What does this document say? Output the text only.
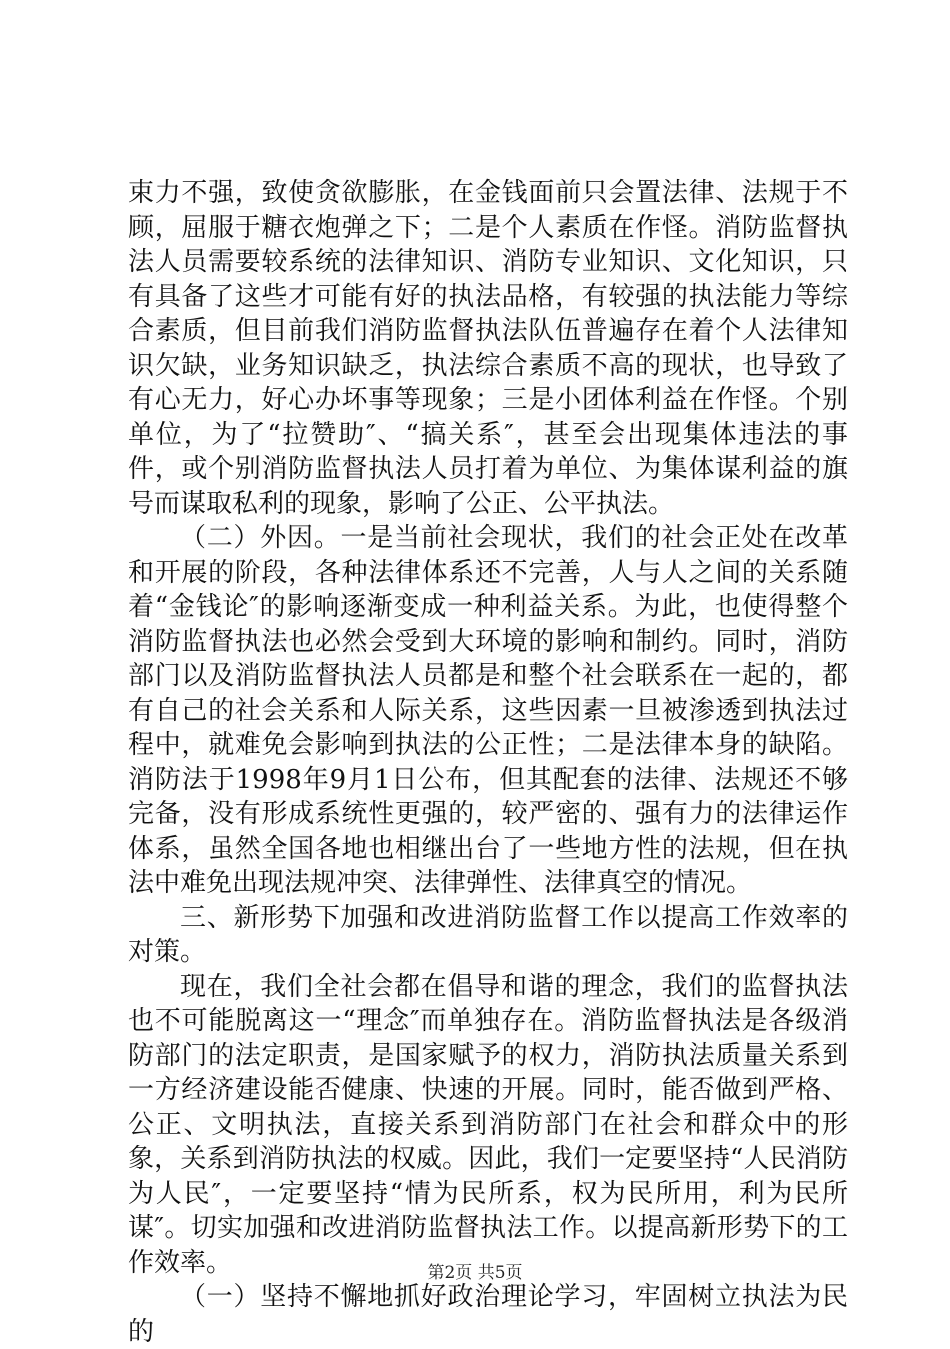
束力不强，致使贪欲膨胀，在金钱面前只会置法律、法规于不顾，屈服于糖衣炮弹之下；二是个人素质在作怪。消防监督执法人员需要较系统的法律知识、消防专业知识、文化知识，只有具备了这些才可能有好的执法品格，有较强的执法能力等综合素质，但目前我们消防监督执法队伍普遍存在着个人法律知识欠缺，业务知识缺乏，执法综合素质不高的现状，也导致了有心无力，好心办坏事等现象；三是小团体利益在作怪。个别单位，为了“拉赞助″、“搞关系″，甚至会出现集体违法的事件，或个别消防监督执法人员打着为单位、为集体谋利益的旗号而谋取私利的现象，影响了公正、公平执法。

（二）外因。一是当前社会现状，我们的社会正处在改革和开展的阶段，各种法律体系还不完善，人与人之间的关系随着“金钱论″的影响逐渐变成一种利益关系。为此，也使得整个消防监督执法也必然会受到大环境的影响和制约。同时，消防部门以及消防监督执法人员都是和整个社会联系在一起的，都有自己的社会关系和人际关系，这些因素一旦被渗透到执法过程中，就难免会影响到执法的公正性；二是法律本身的缺陷。消防法于1998年9月1日公布，但其配套的法律、法规还不够完备，没有形成系统性更强的，较严密的、强有力的法律运作体系，虽然全国各地也相继出台了一些地方性的法规，但在执法中难免出现法规冲突、法律弹性、法律真空的情况。

三、新形势下加强和改进消防监督工作以提高工作效率的对策。

现在，我们全社会都在倡导和谐的理念，我们的监督执法也不可能脱离这一“理念″而单独存在。消防监督执法是各级消防部门的法定职责，是国家赋予的权力，消防执法质量关系到一方经济建设能否健康、快速的开展。同时，能否做到严格、公正、文明执法，直接关系到消防部门在社会和群众中的形象，关系到消防执法的权威。因此，我们一定要坚持“人民消防为人民″，一定要坚持“情为民所系，权为民所用，利为民所谋″。切实加强和改进消防监督执法工作。以提高新形势下的工作效率。

（一）坚持不懈地抓好政治理论学习，牢固树立执法为民的

第2页 共5页
